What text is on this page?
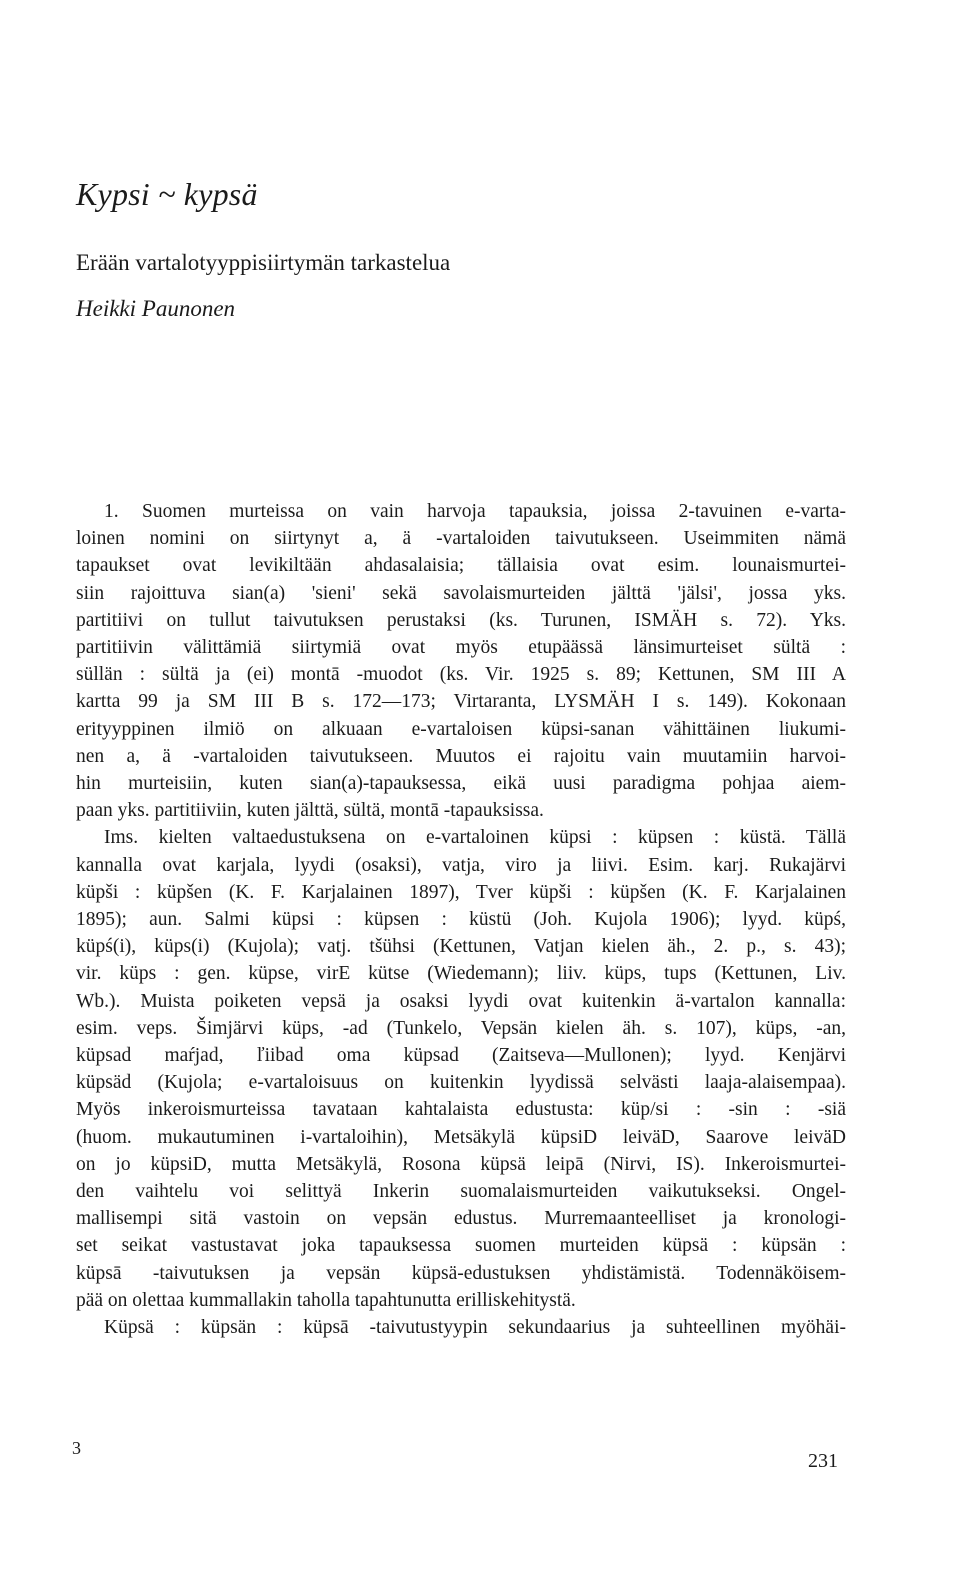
Kypsi ~ kypsä
Erään vartalotyyppisiirtymän tarkastelua
Heikki Paunonen
1. Suomen murteissa on vain harvoja tapauksia, joissa 2-tavuinen e-varta-
loinen nomini on siirtynyt a, ä -vartaloiden taivutukseen. Useimmiten nämä
tapaukset ovat levikiltään ahdasalaisia; tällaisia ovat esim. lounaismurtei-
siin rajoittuva sian(a) 'sieni' sekä savolaismurteiden jälttä 'jälsi', jossa yks.
partitiivi on tullut taivutuksen perustaksi (ks. Turunen, ISMÄH s. 72). Yks.
partitiivin välittämiä siirtymiä ovat myös etupäässä länsimurteiset sültä :
süllän : sültä ja (ei) montā -muodot (ks. Vir. 1925 s. 89; Kettunen, SM III A
kartta 99 ja SM III B s. 172—173; Virtaranta, LYSMÄH I s. 149). Kokonaan
erityyppinen ilmiö on alkuaan e-vartaloisen küpsi-sanan vähittäinen liukumi-
nen a, ä -vartaloiden taivutukseen. Muutos ei rajoitu vain muutamiin harvoi-
hin murteisiin, kuten sian(a)-tapauksessa, eikä uusi paradigma pohjaa aiem-
paan yks. partitiiviin, kuten jälttä, sültä, montā -tapauksissa.
Ims. kielten valtaedustuksena on e-vartaloinen küpsi : küpsen : küstä. Tällä
kannalla ovat karjala, lyydi (osaksi), vatja, viro ja liivi. Esim. karj. Rukajärvi
küpši : küpšen (K. F. Karjalainen 1897), Tver küpši : küpšen (K. F. Karjalainen
1895); aun. Salmi küpsi : küpsen : küstü (Joh. Kujola 1906); lyyd. küpś,
küpś(i), küps(i) (Kujola); vatj. tšühsi (Kettunen, Vatjan kielen äh., 2. p., s. 43);
vir. küps : gen. küpse, virE kütse (Wiedemann); liiv. küps, tups (Kettunen, Liv.
Wb.). Muista poiketen vepsä ja osaksi lyydi ovat kuitenkin ä-vartalon kannalla:
esim. veps. Šimjärvi küps, -ad (Tunkelo, Vepsän kielen äh. s. 107), küps, -an,
küpsad maŕjad, ľiibad oma küpsad (Zaitseva—Mullonen); lyyd. Kenjärvi
küpsäd (Kujola; e-vartaloisuus on kuitenkin lyydissä selvästi laaja-alaisempaa).
Myös inkeroismurteissa tavataan kahtalaista edustusta: küp/si : -sin : -siä
(huom. mukautuminen i-vartaloihin), Metsäkylä küpsiD leiväD, Saarove leiväD
on jo küpsiD, mutta Metsäkylä, Rosona küpsä leipā (Nirvi, IS). Inkeroismurtei-
den vaihtelu voi selittyä Inkerin suomalaismurteiden vaikutukseksi. Ongel-
mallisempi sitä vastoin on vepsän edustus. Murremaanteelliset ja kronologi-
set seikat vastustavat joka tapauksessa suomen murteiden küpsä : küpsän :
küpsā -taivutuksen ja vepsän küpsä-edustuksen yhdistämistä. Todennäköisem-
pää on olettaa kummallakin taholla tapahtunutta erilliskehitystä.
Küpsä : küpsän : küpsā -taivutustyypin sekundaarius ja suhteellinen myöhäi-
3
231
